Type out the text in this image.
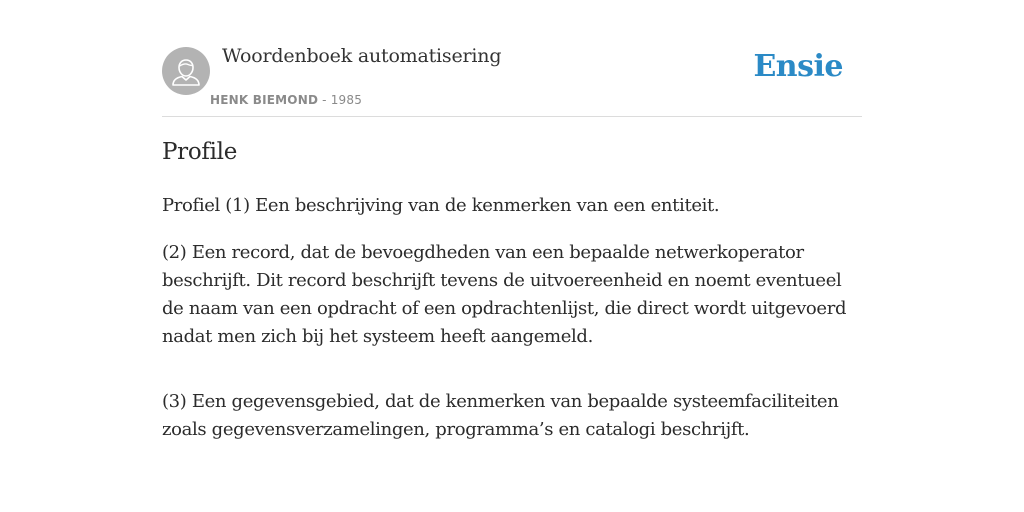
Woordenboek automatisering
HENK BIEMOND - 1985
Ensie
Profile

Profiel (1) Een beschrijving van de kenmerken van een entiteit.

(2) Een record, dat de bevoegdheden van een bepaalde netwerkoperator beschrijft. Dit record beschrijft tevens de uitvoereenheid en noemt eventueel de naam van een opdracht of een opdrachtenlijst, die direct wordt uitgevoerd nadat men zich bij het systeem heeft aangemeld.

(3) Een gegevensgebied, dat de kenmerken van bepaalde systeemfaciliteiten zoals gegevensverzamelingen, programma’s en catalogi beschrijft.
